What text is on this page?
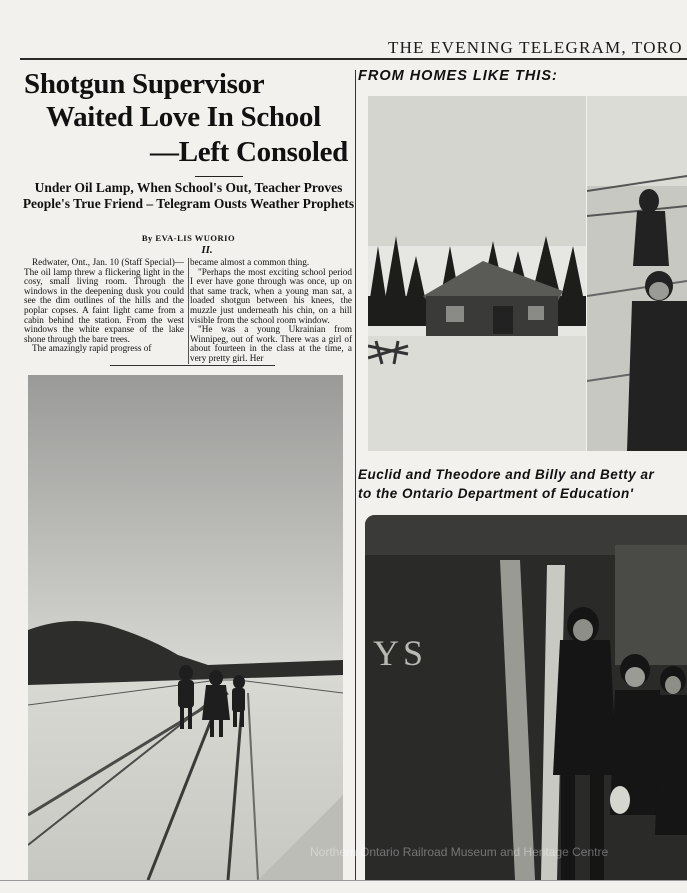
THE EVENING TELEGRAM, TORO
Shotgun Supervisor
Waited Love In School
—Left Consoled
Under Oil Lamp, When School's Out, Teacher Proves People's True Friend – Telegram Ousts Weather Prophets
By EVA-LIS WUORIO
II.

Redwater, Ont., Jan. 10 (Staff Special)—The oil lamp threw a flickering light in the cosy, small living room. Through the windows in the deepening dusk you could see the dim outlines of the hills and the poplar copses. A faint light came from a cabin behind the station. From the west windows the white expanse of the lake shone through the bare trees.

The amazingly rapid progress of

became almost a common thing.

"Perhaps the most exciting school period I ever have gone through was once, up on that same track, when a young man sat, a loaded shotgun between his knees, the muzzle just underneath his chin, on a hill visible from the school room window.

"He was a young Ukrainian from Winnipeg, out of work. There was a girl of about fourteen in the class at the time, a very pretty girl. Her

FROM HOMES LIKE THIS:
Euclid and Theodore and Billy and Betty ar
to the Ontario Department of Education'
YS
Northern Ontario Railroad Museum and Heritage Centre
